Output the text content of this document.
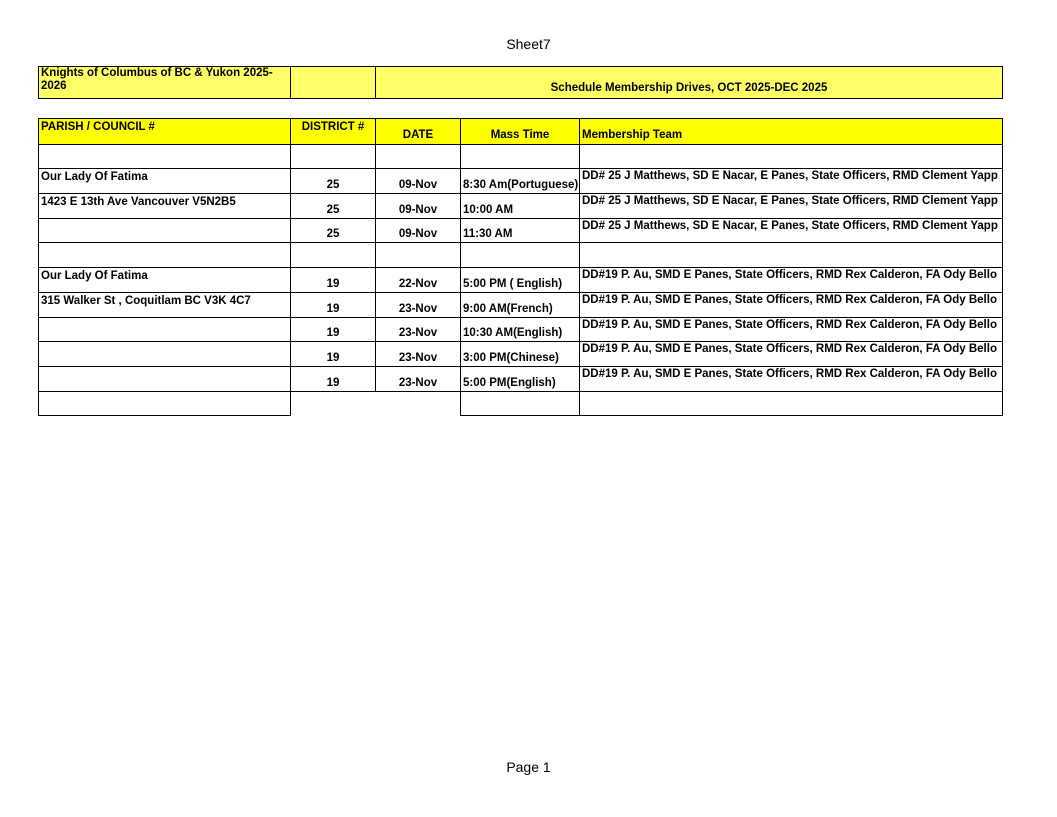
Sheet7
Knights of Columbus of BC & Yukon 2025-2026		Schedule Membership Drives, OCT 2025-DEC 2025
PARISH / COUNCIL #	DISTRICT #	DATE	Mass Time	Membership Team

Our Lady Of Fatima	25	09-Nov	8:30 Am(Portuguese)	DD# 25 J Matthews, SD E Nacar, E Panes, State Officers, RMD Clement Yapp
1423 E 13th Ave Vancouver V5N2B5	25	09-Nov	10:00 AM	DD# 25 J Matthews, SD E Nacar, E Panes, State Officers, RMD Clement Yapp
	25	09-Nov	11:30 AM	DD# 25 J Matthews, SD E Nacar, E Panes, State Officers, RMD Clement Yapp

Our Lady Of Fatima	19	22-Nov	5:00 PM ( English)	DD#19 P. Au, SMD E Panes, State Officers, RMD Rex Calderon, FA Ody Bello
315 Walker St , Coquitlam BC V3K 4C7	19	23-Nov	9:00 AM(French)	DD#19 P. Au, SMD E Panes, State Officers, RMD Rex Calderon, FA Ody Bello
	19	23-Nov	10:30 AM(English)	DD#19 P. Au, SMD E Panes, State Officers, RMD Rex Calderon, FA Ody Bello
	19	23-Nov	3:00 PM(Chinese)	DD#19 P. Au, SMD E Panes, State Officers, RMD Rex Calderon, FA Ody Bello
	19	23-Nov	5:00 PM(English)	DD#19 P. Au, SMD E Panes, State Officers, RMD Rex Calderon, FA Ody Bello

Page 1
